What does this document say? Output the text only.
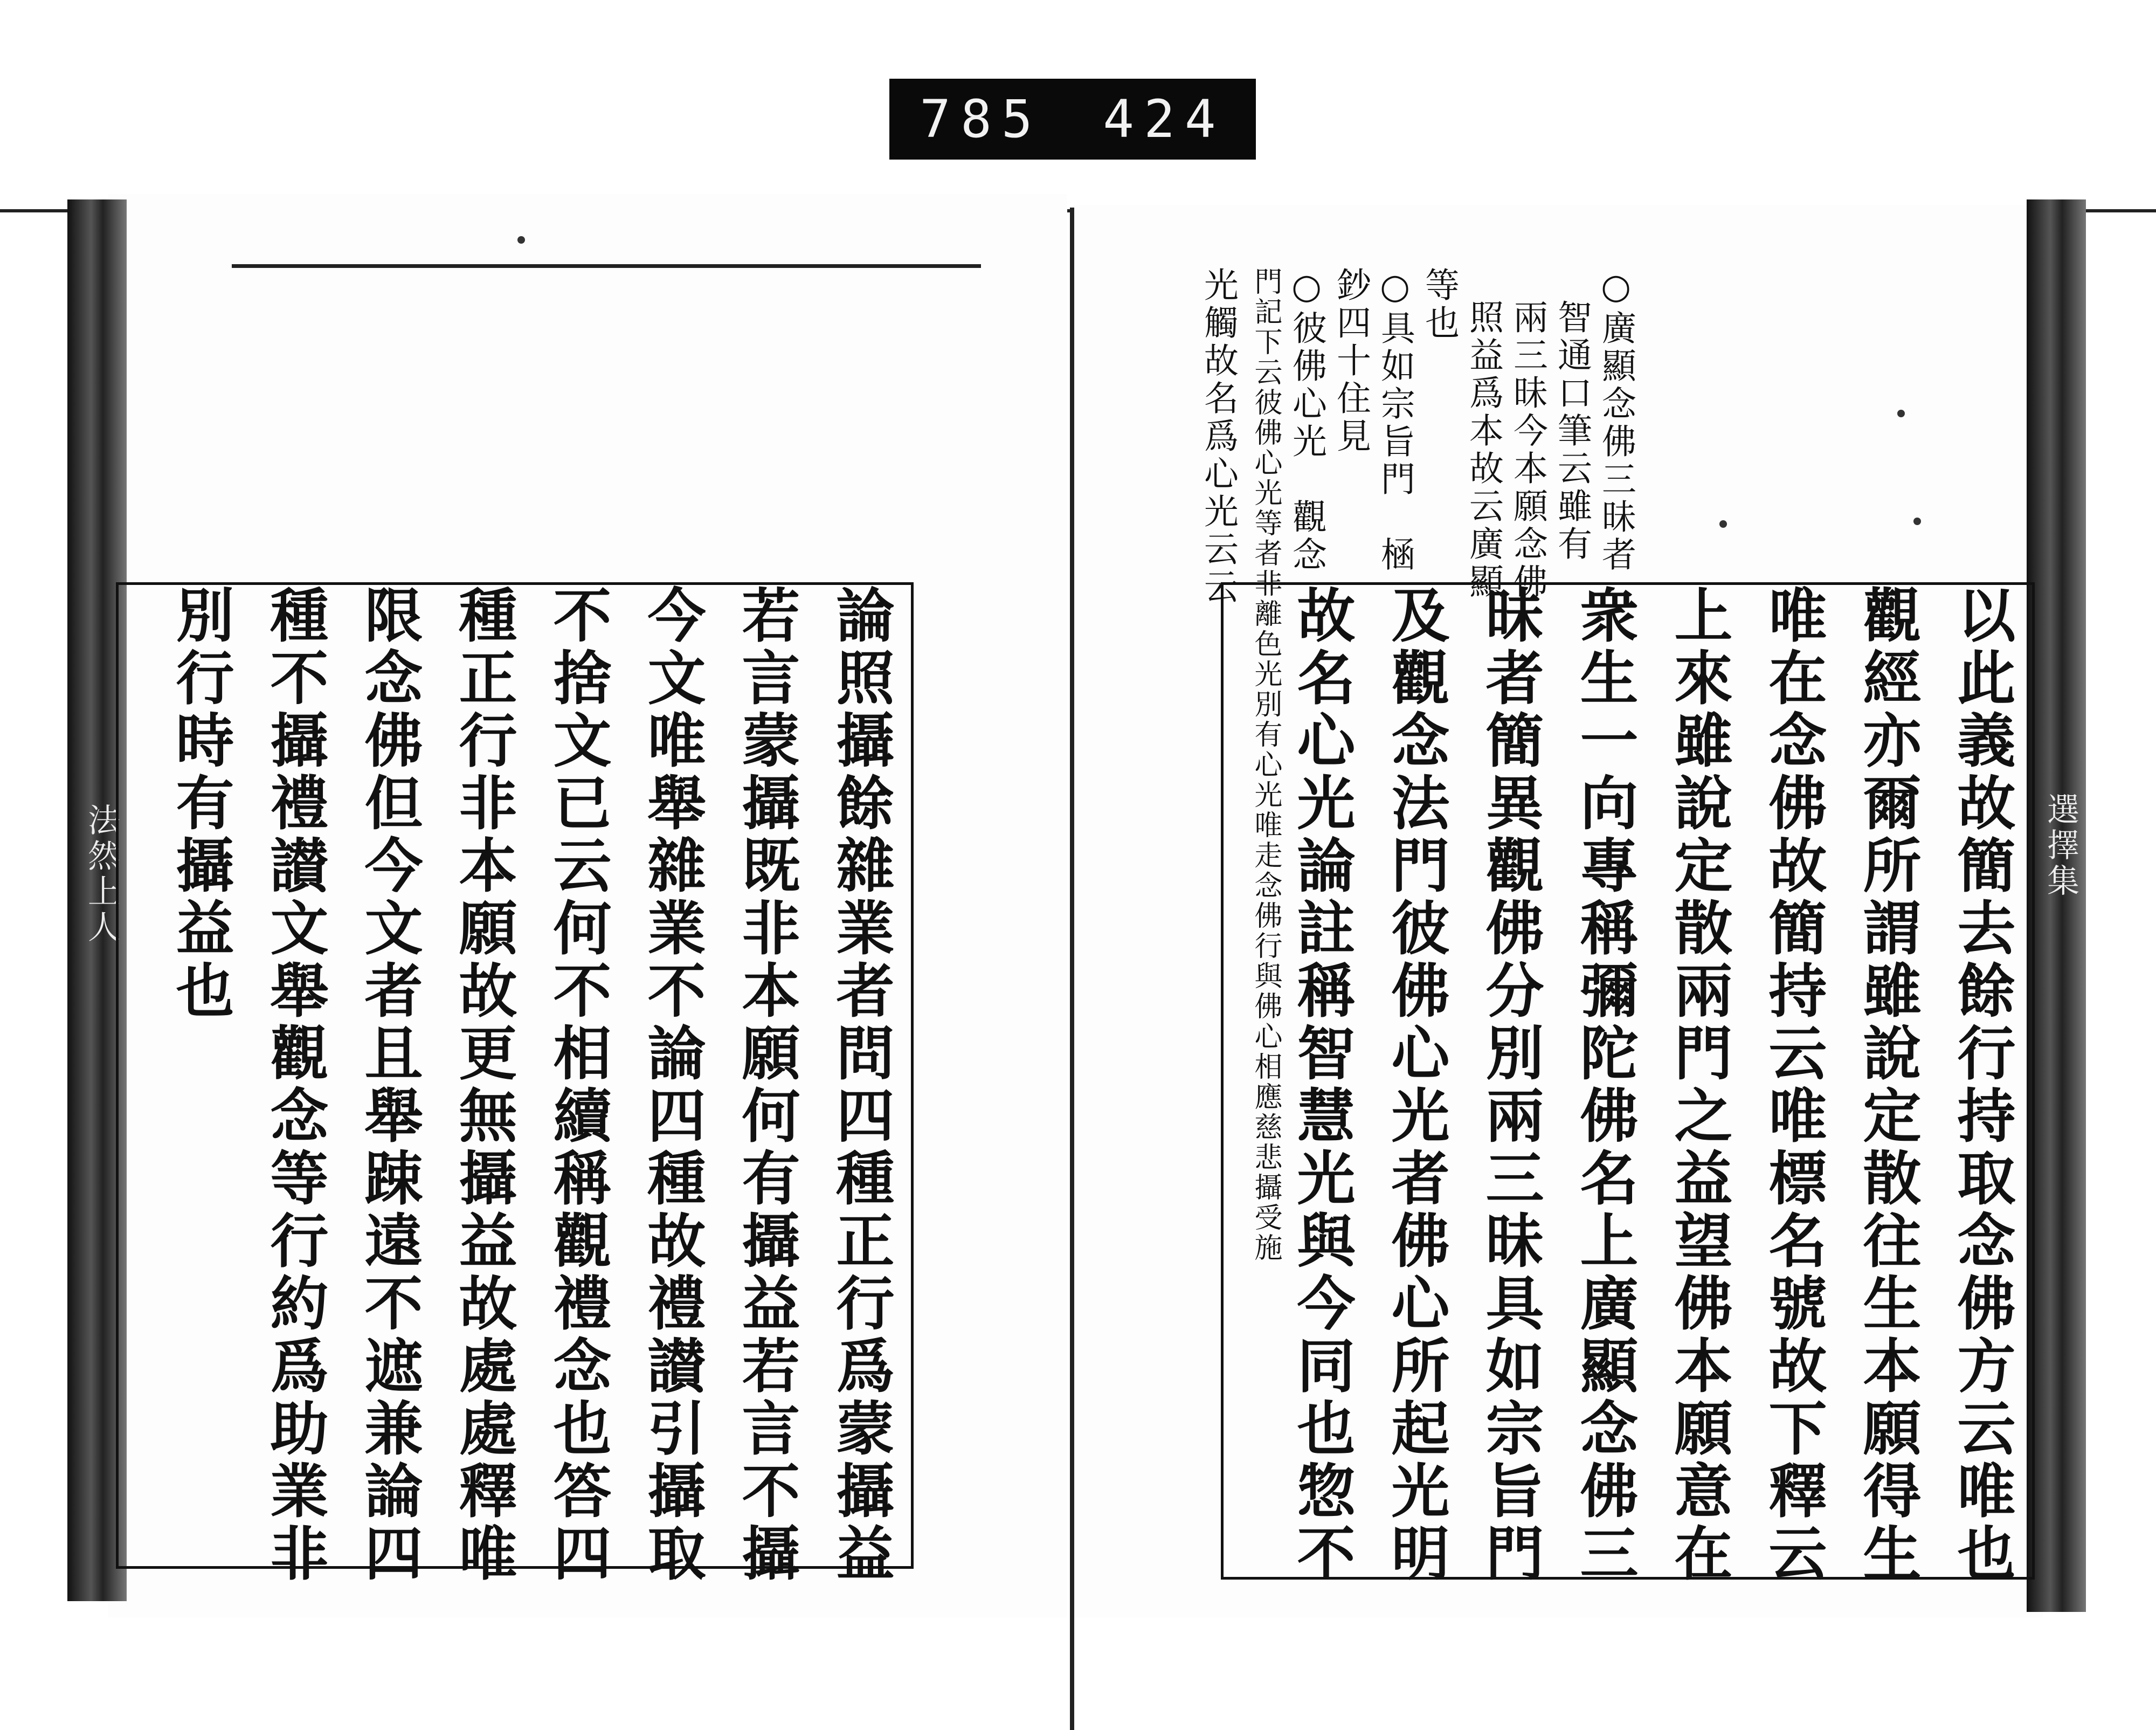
785 424
法然上人	選擇集
論照攝餘雜業者問四種正行爲蒙攝益
若言蒙攝既非本願何有攝益若言不攝
今文唯舉雜業不論四種故禮讃引攝取
不捨文已云何不相續稱觀禮念也答四
種正行非本願故更無攝益故處處釋唯
限念佛但今文者且舉踈遠不遮兼論四
種不攝禮讃文舉觀念等行約爲助業非
別行時有攝益也
○廣顯念佛三昧者
智通口筆云雖有
兩三昧今本願念佛
照益爲本故云廣顯
等也
○具如宗旨門　㮀
鈔四十住見
○彼佛心光　觀念
門記下云彼佛心光等者非離色光別有心光唯走念佛行與佛心相應慈悲攝受施
光觸故名爲心光云云
以此義故簡去餘行持取念佛方云唯也
觀經亦爾所謂雖說定散往生本願得生
唯在念佛故簡持云唯標名號故下釋云
上來雖說定散兩門之益望佛本願意在
衆生一向專稱彌陀佛名上廣顯念佛三
昧者簡異觀佛分別兩三昧具如宗旨門
及觀念法門彼佛心光者佛心所起光明
故名心光論註稱智慧光與今同也惣不
